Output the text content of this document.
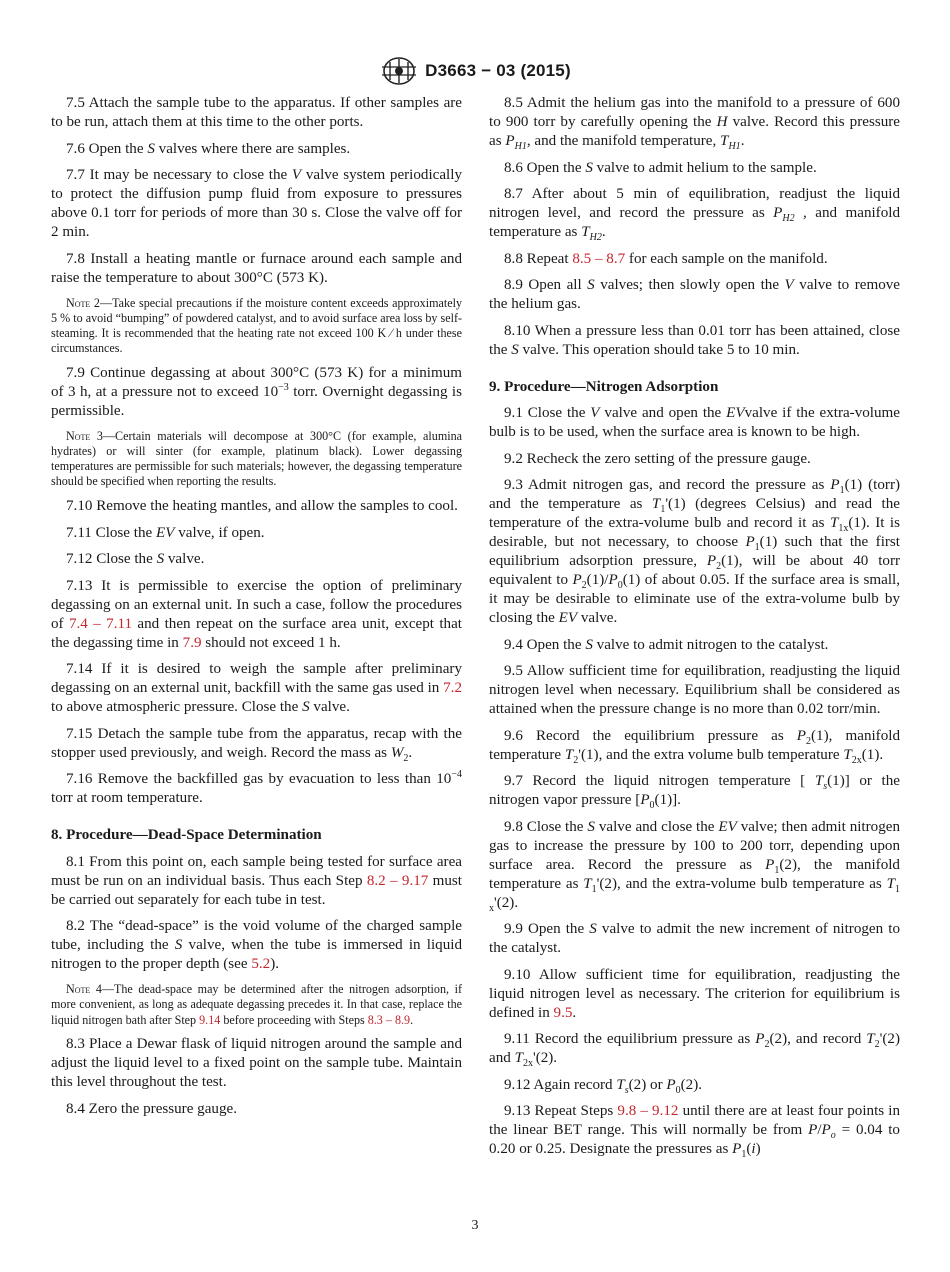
D3663 − 03 (2015)

7.5 Attach the sample tube to the apparatus. If other samples are to be run, attach them at this time to the other ports.

7.6 Open the S valves where there are samples.

7.7 It may be necessary to close the V valve system periodically to protect the diffusion pump fluid from exposure to pressures above 0.1 torr for periods of more than 30 s. Close the valve off for 2 min.

7.8 Install a heating mantle or furnace around each sample and raise the temperature to about 300°C (573 K).

Note 2—Take special precautions if the moisture content exceeds approximately 5 % to avoid “bumping” of powdered catalyst, and to avoid surface area loss by self-steaming. It is recommended that the heating rate not exceed 100 K ⁄ h under these circumstances.

7.9 Continue degassing at about 300°C (573 K) for a minimum of 3 h, at a pressure not to exceed $10^{-3}$ torr. Overnight degassing is permissible.

Note 3—Certain materials will decompose at 300°C (for example, alumina hydrates) or will sinter (for example, platinum black). Lower degassing temperatures are permissible for such materials; however, the degassing temperature should be specified when reporting the results.

7.10 Remove the heating mantles, and allow the samples to cool.

7.11 Close the EV valve, if open.

7.12 Close the S valve.

7.13 It is permissible to exercise the option of preliminary degassing on an external unit. In such a case, follow the procedures of 7.4 – 7.11 and then repeat on the surface area unit, except that the degassing time in 7.9 should not exceed 1 h.

7.14 If it is desired to weigh the sample after preliminary degassing on an external unit, backfill with the same gas used in 7.2 to above atmospheric pressure. Close the S valve.

7.15 Detach the sample tube from the apparatus, recap with the stopper used previously, and weigh. Record the mass as $W_2$.

7.16 Remove the backfilled gas by evacuation to less than $10^{-4}$ torr at room temperature.

8. Procedure—Dead-Space Determination

8.1 From this point on, each sample being tested for surface area must be run on an individual basis. Thus each Step 8.2 – 9.17 must be carried out separately for each tube in test.

8.2 The “dead-space” is the void volume of the charged sample tube, including the S valve, when the tube is immersed in liquid nitrogen to the proper depth (see 5.2).

Note 4—The dead-space may be determined after the nitrogen adsorption, if more convenient, as long as adequate degassing precedes it. In that case, replace the liquid nitrogen bath after Step 9.14 before proceeding with Steps 8.3 – 8.9.

8.3 Place a Dewar flask of liquid nitrogen around the sample and adjust the liquid level to a fixed point on the sample tube. Maintain this level throughout the test.

8.4 Zero the pressure gauge.

8.5 Admit the helium gas into the manifold to a pressure of 600 to 900 torr by carefully opening the H valve. Record this pressure as $P_{H1}$, and the manifold temperature, $T_{H1}$.

8.6 Open the S valve to admit helium to the sample.

8.7 After about 5 min of equilibration, readjust the liquid nitrogen level, and record the pressure as $P_{H2}$ , and manifold temperature as $T_{H2}$.

8.8 Repeat 8.5 – 8.7 for each sample on the manifold.

8.9 Open all S valves; then slowly open the V valve to remove the helium gas.

8.10 When a pressure less than 0.01 torr has been attained, close the S valve. This operation should take 5 to 10 min.

9. Procedure—Nitrogen Adsorption

9.1 Close the V valve and open the EVvalve if the extra-volume bulb is to be used, when the surface area is known to be high.

9.2 Recheck the zero setting of the pressure gauge.

9.3 Admit nitrogen gas, and record the pressure as $P_1(1)$ (torr) and the temperature as $T_1'(1)$ (degrees Celsius) and read the temperature of the extra-volume bulb and record it as $T_{1x}(1)$. It is desirable, but not necessary, to choose $P_1(1)$ such that the first equilibrium adsorption pressure, $P_2(1)$, will be about 40 torr equivalent to $P_2(1)/P_0(1)$ of about 0.05. If the surface area is small, it may be desirable to eliminate use of the extra-volume bulb by closing the EV valve.

9.4 Open the S valve to admit nitrogen to the catalyst.

9.5 Allow sufficient time for equilibration, readjusting the liquid nitrogen level when necessary. Equilibrium shall be considered as attained when the pressure change is no more than 0.02 torr/min.

9.6 Record the equilibrium pressure as $P_2(1)$, manifold temperature $T_2'(1)$, and the extra volume bulb temperature $T_{2x}(1)$.

9.7 Record the liquid nitrogen temperature [ $T_s(1)$] or the nitrogen vapor pressure $[P_0(1)]$.

9.8 Close the S valve and close the EV valve; then admit nitrogen gas to increase the pressure by 100 to 200 torr, depending upon surface area. Record the pressure as $P_1(2)$, the manifold temperature as $T_1'(2)$, and the extra-volume bulb temperature as $T_{1 x}'(2)$.

9.9 Open the S valve to admit the new increment of nitrogen to the catalyst.

9.10 Allow sufficient time for equilibration, readjusting the liquid nitrogen level as necessary. The criterion for equilibrium is defined in 9.5.

9.11 Record the equilibrium pressure as $P_2(2)$, and record $T_2'(2)$ and $T_{2x}'(2)$.

9.12 Again record $T_s(2)$ or $P_0(2)$.

9.13 Repeat Steps 9.8 – 9.12 until there are at least four points in the linear BET range. This will normally be from $P/P_o = 0.04$ to 0.20 or 0.25. Designate the pressures as $P_1(i)$

3
